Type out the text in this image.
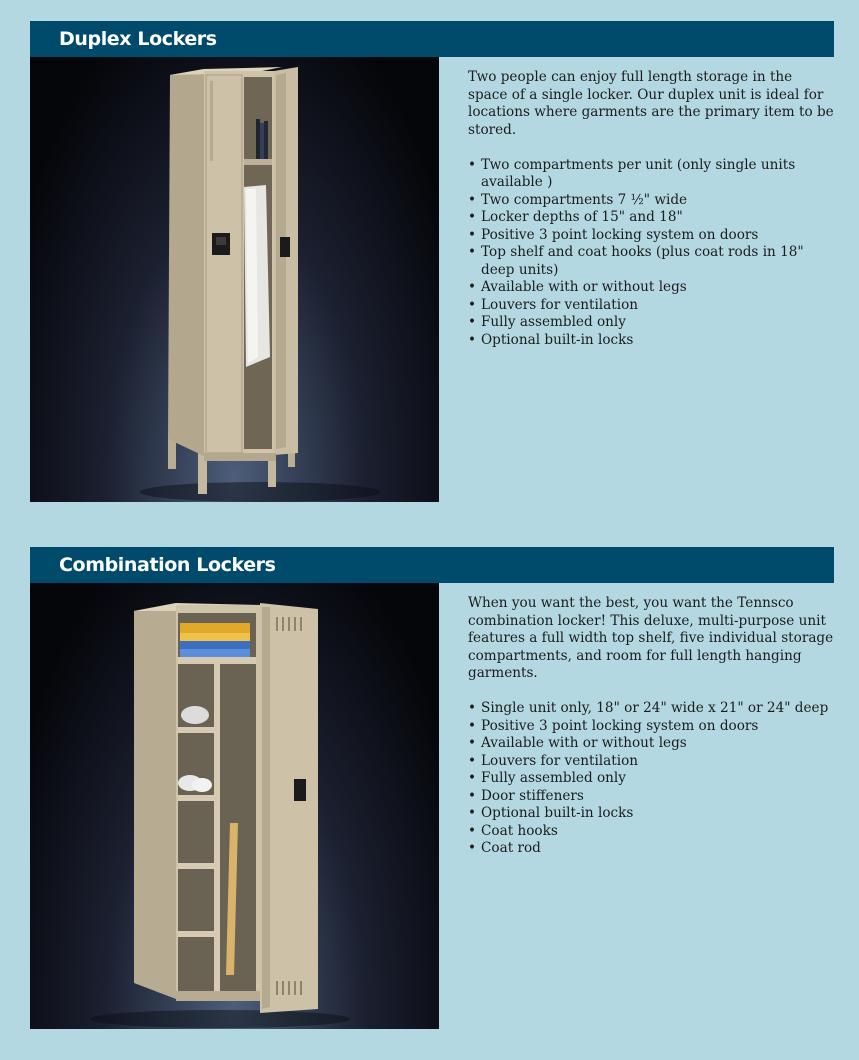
Duplex Lockers

Two people can enjoy full length storage in the space of a single locker. Our duplex unit is ideal for locations where garments are the primary item to be stored.

• Two compartments per unit (only single units available )
• Two compartments 7 ½" wide
• Locker depths of 15" and 18"
• Positive 3 point locking system on doors
• Top shelf and coat hooks (plus coat rods in 18" deep units)
• Available with or without legs
• Louvers for ventilation
• Fully assembled only
• Optional built-in locks
Combination Lockers

When you want the best, you want the Tennsco combination locker! This deluxe, multi-purpose unit features a full width top shelf, five individual storage compartments, and room for full length hanging garments.

• Single unit only, 18" or 24" wide x 21" or 24" deep
• Positive 3 point locking system on doors
• Available with or without legs
• Louvers for ventilation
• Fully assembled only
• Door stiffeners
• Optional built-in locks
• Coat hooks
• Coat rod
